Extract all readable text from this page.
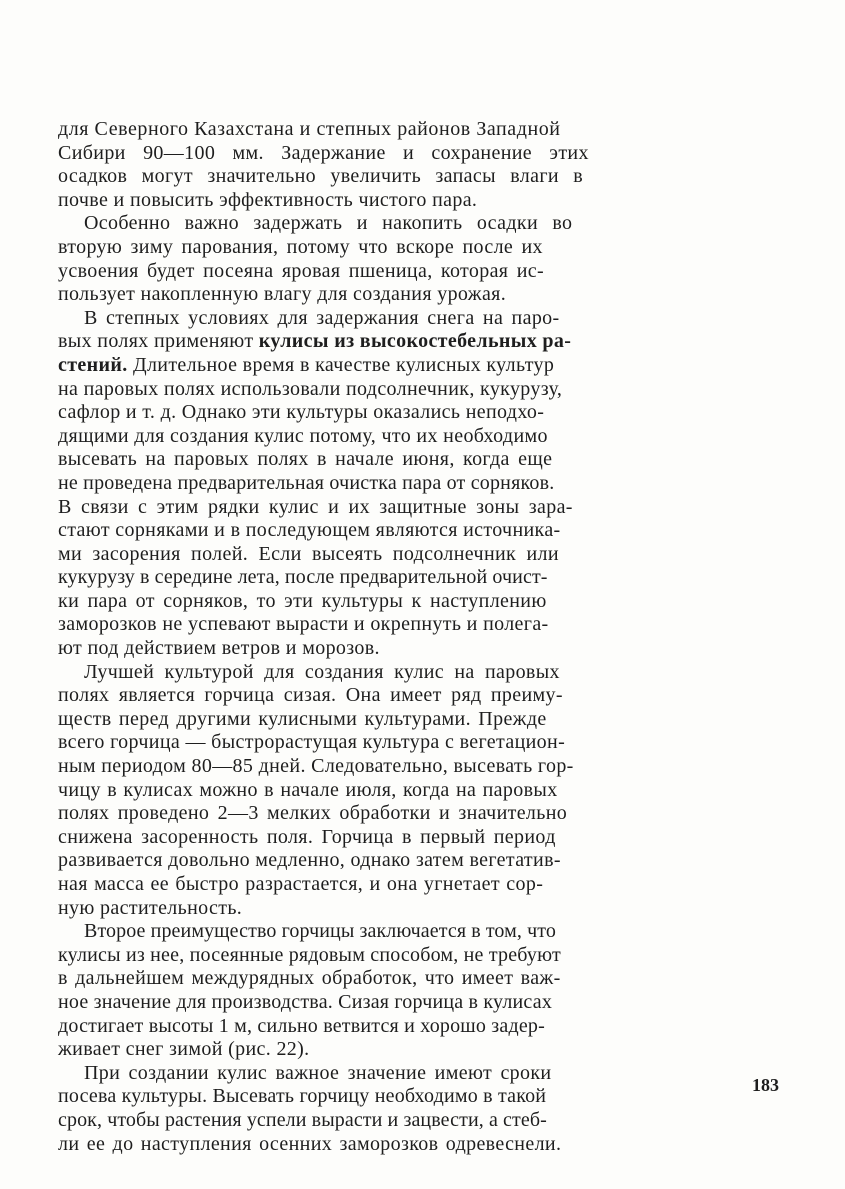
для Северного Казахстана и степных районов Западной
Сибири 90—100 мм. Задержание и сохранение этих
осадков могут значительно увеличить запасы влаги в
почве и повысить эффективность чистого пара.
Особенно важно задержать и накопить осадки во
вторую зиму парования, потому что вскоре после их
усвоения будет посеяна яровая пшеница, которая ис-
пользует накопленную влагу для создания урожая.
В степных условиях для задержания снега на паро-
вых полях применяют кулисы из высокостебельных ра-
стений. Длительное время в качестве кулисных культур
на паровых полях использовали подсолнечник, кукурузу,
сафлор и т. д. Однако эти культуры оказались неподхо-
дящими для создания кулис потому, что их необходимо
высевать на паровых полях в начале июня, когда еще
не проведена предварительная очистка пара от сорняков.
В связи с этим рядки кулис и их защитные зоны зара-
стают сорняками и в последующем являются источника-
ми засорения полей. Если высеять подсолнечник или
кукурузу в середине лета, после предварительной очист-
ки пара от сорняков, то эти культуры к наступлению
заморозков не успевают вырасти и окрепнуть и полега-
ют под действием ветров и морозов.
Лучшей культурой для создания кулис на паровых
полях является горчица сизая. Она имеет ряд преиму-
ществ перед другими кулисными культурами. Прежде
всего горчица — быстрорастущая культура с вегетацион-
ным периодом 80—85 дней. Следовательно, высевать гор-
чицу в кулисах можно в начале июля, когда на паровых
полях проведено 2—3 мелких обработки и значительно
снижена засоренность поля. Горчица в первый период
развивается довольно медленно, однако затем вегетатив-
ная масса ее быстро разрастается, и она угнетает сор-
ную растительность.
Второе преимущество горчицы заключается в том, что
кулисы из нее, посеянные рядовым способом, не требуют
в дальнейшем междурядных обработок, что имеет важ-
ное значение для производства. Сизая горчица в кулисах
достигает высоты 1 м, сильно ветвится и хорошо задер-
живает снег зимой (рис. 22).
При создании кулис важное значение имеют сроки
посева культуры. Высевать горчицу необходимо в такой
срок, чтобы растения успели вырасти и зацвести, а стеб-
ли ее до наступления осенних заморозков одревеснели.
183
